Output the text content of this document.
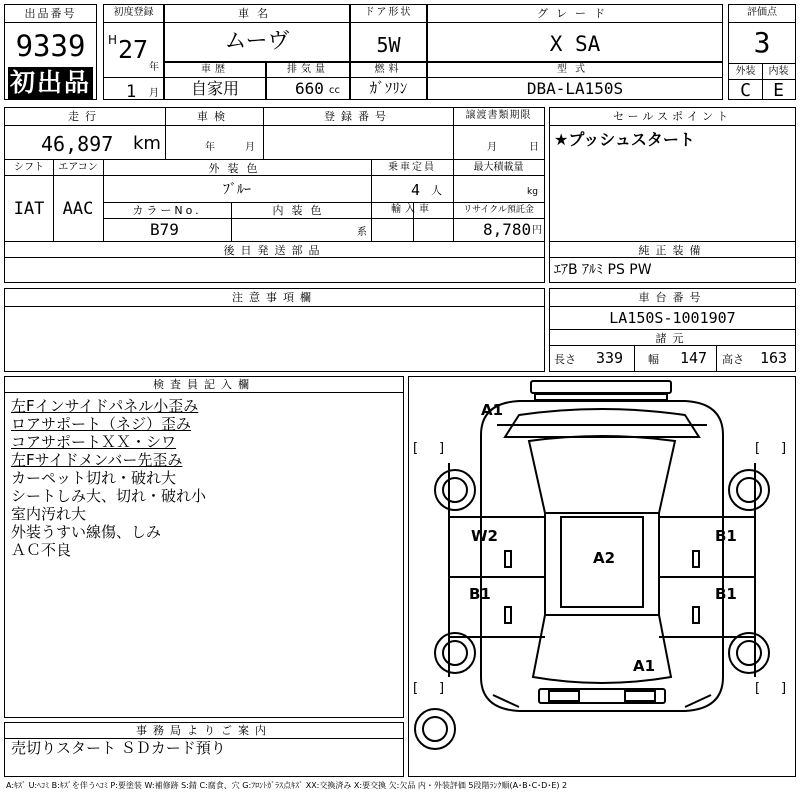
出品番号
9339
初出品
初度登録
H 27
年
1 月
車名
ムーヴ
ドア形状
5W
グレード
X SA
評価点
3
外装	内装
C	E
車歴
自家用
排気量
660 cc
燃料
ｶﾞｿﾘﾝ
型式
DBA-LA150S
走行
46,897 km
車検
年	月
登録番号	譲渡書類期限
月	日
シフト
IAT
エアコン
AAC
外装色
ﾌﾞﾙｰ
乗車定員
4 人
最大積載量
kg
カラーNo.
B79
内装色
系
輸入車	リサイクル預託金
8,780 円
後日発送部品
セールスポイント
★プッシュスタート
純正装備
ｴｱB ｱﾙﾐ PS PW
注意事項欄	車台番号
LA150S-1001907
諸元
長さ 339 幅 147 高さ 163
検査員記入欄
左Fインサイドパネル小歪み
ロアサポート（ネジ）歪み
コアサポートＸＸ・シワ
左Fサイドメンバー先歪み
カーペット切れ・破れ大
シートしみ大、切れ・破れ小
室内汚れ大
外装うすい線傷、しみ
ＡＣ不良
事務局よりご案内
売切りスタート ＳＤカード預り
[ ]	[ ]
[ ]	[ ]
A1
W2	B1
B1	B1
A2
A1
A:ｷｽﾞ U:ﾍｺﾐ B:ｷｽﾞを伴うﾍｺﾐ P:要塗装 W:補修跡 S:錆 C:腐食、穴 G:ﾌﾛﾝﾄｶﾞﾗｽ点ｷｽﾞ XX:交換済み X:要交換 欠:欠品 内・外装評価 5段階ﾗﾝｸ順(A･B･C･D･E) 2
